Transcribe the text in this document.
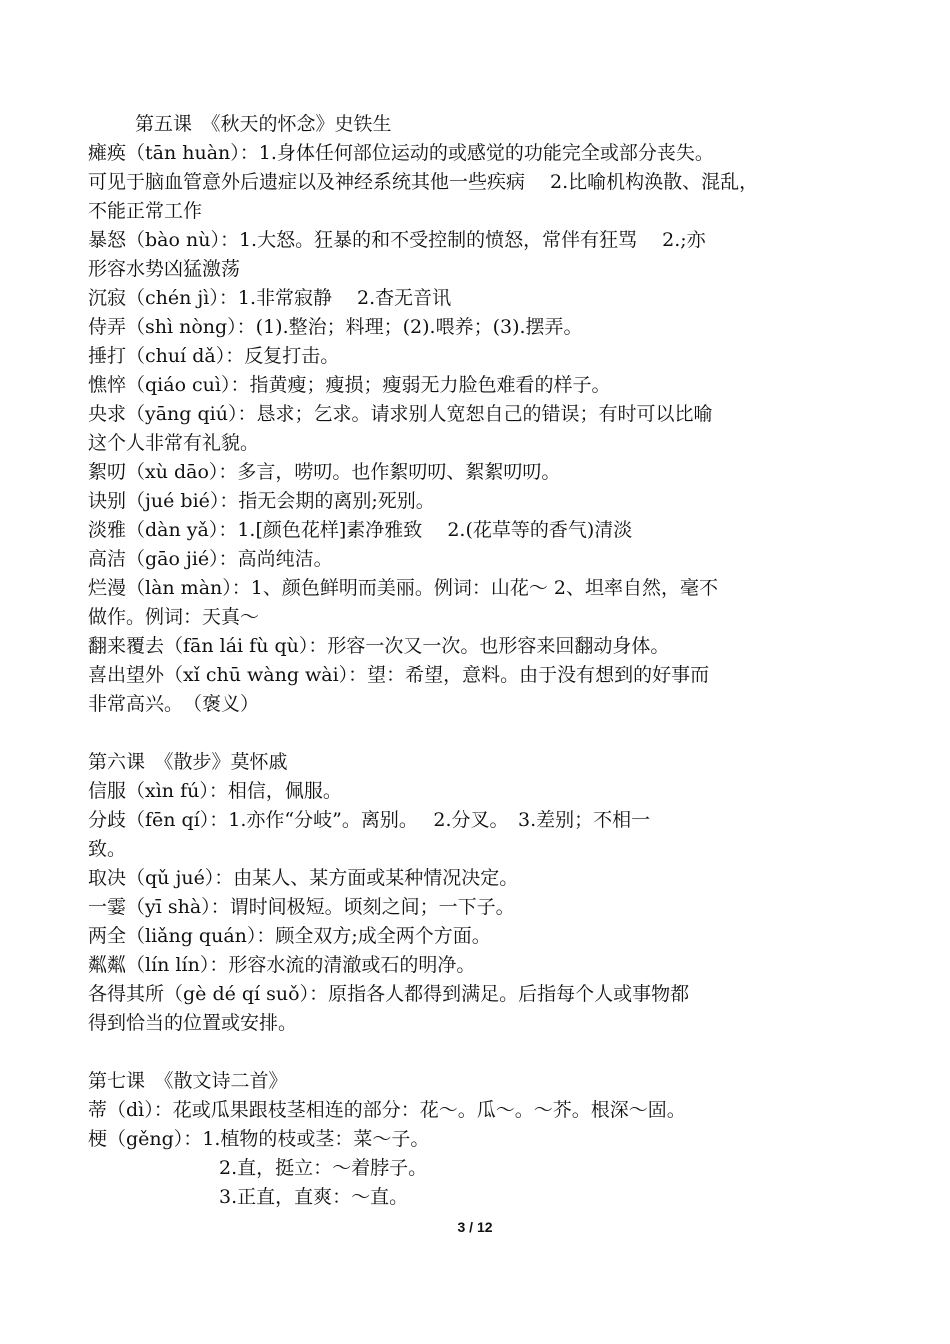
第五课　《秋天的怀念》史铁生
瘫痪（tān huàn）：1.身体任何部位运动的或感觉的功能完全或部分丧失。
可见于脑血管意外后遗症以及神经系统其他一些疾病　 2.比喻机构涣散、混乱，
不能正常工作
暴怒（bào nù）：1.大怒。狂暴的和不受控制的愤怒，常伴有狂骂　 2.;亦
形容水势凶猛激荡
沉寂（chén jì）：1.非常寂静　 2.杳无音讯
侍弄（shì nòng）：(1).整治；料理；(2).喂养；(3).摆弄。
捶打（chuí dǎ）：反复打击。
憔悴（qiáo cuì）：指黄瘦；瘦损；瘦弱无力脸色难看的样子。
央求（yāng qiú）：恳求；乞求。请求别人宽恕自己的错误；有时可以比喻
这个人非常有礼貌。
絮叨（xù dāo）：多言，唠叨。也作絮叨叨、絮絮叨叨。
诀别（jué bié）：指无会期的离别;死别。
淡雅（dàn yǎ）：1.[颜色花样]素净雅致　 2.(花草等的香气)清淡
高洁（gāo jié）：高尚纯洁。
烂漫（làn màn）：1、颜色鲜明而美丽。例词：山花～ 2、坦率自然，毫不
做作。例词：天真～
翻来覆去（fān lái fù qù）：形容一次又一次。也形容来回翻动身体。
喜出望外（xǐ chū wàng wài）：望：希望，意料。由于没有想到的好事而
非常高兴。　（褒义）
第六课　《散步》莫怀戚
信服（xìn fú）：相信，佩服。
分歧（fēn qí）：1.亦作“分岐”。离别。　 2.分叉。　3.差别；不相一
致。
取决（qǔ jué）：由某人、某方面或某种情况决定。
一霎（yī shà）：谓时间极短。顷刻之间；一下子。
两全（liǎng quán）：顾全双方;成全两个方面。
粼粼（lín lín）：形容水流的清澈或石的明净。
各得其所（gè dé qí suǒ）：原指各人都得到满足。后指每个人或事物都
得到恰当的位置或安排。
第七课　《散文诗二首》
蒂（dì）：花或瓜果跟枝茎相连的部分：花～。瓜～。～芥。根深～固。
梗（gěng）：1.植物的枝或茎：菜～子。
2.直，挺立：～着脖子。
3.正直，直爽：～直。
3 / 12
